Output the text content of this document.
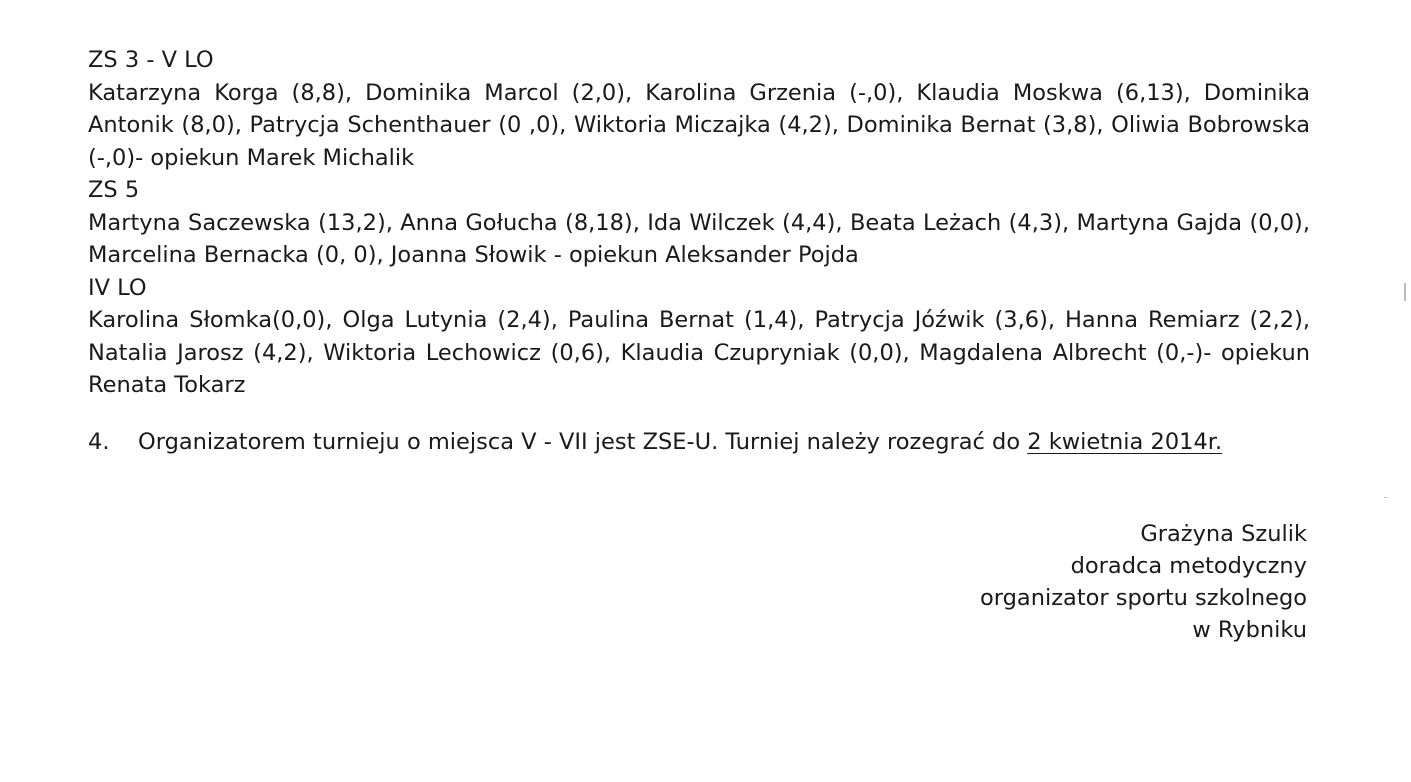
ZS 3 - V LO
Katarzyna Korga (8,8), Dominika Marcol (2,0), Karolina Grzenia (-,0), Klaudia Moskwa (6,13), Dominika Antonik (8,0), Patrycja Schenthauer (0 ,0), Wiktoria Miczajka (4,2), Dominika Bernat (3,8), Oliwia Bobrowska (-,0)- opiekun Marek Michalik
ZS 5
Martyna Saczewska (13,2), Anna Gołucha (8,18), Ida Wilczek (4,4), Beata Leżach (4,3), Martyna Gajda (0,0), Marcelina Bernacka (0, 0), Joanna Słowik - opiekun Aleksander Pojda
IV LO
Karolina Słomka(0,0), Olga Lutynia (2,4), Paulina Bernat (1,4), Patrycja Jóźwik (3,6), Hanna Remiarz (2,2), Natalia Jarosz (4,2), Wiktoria Lechowicz (0,6), Klaudia Czupryniak (0,0), Magdalena Albrecht (0,-)- opiekun Renata Tokarz
4.	Organizatorem turnieju o miejsca V - VII jest ZSE-U. Turniej należy rozegrać do 2 kwietnia 2014r.
Grażyna Szulik
doradca metodyczny
organizator sportu szkolnego
w Rybniku
